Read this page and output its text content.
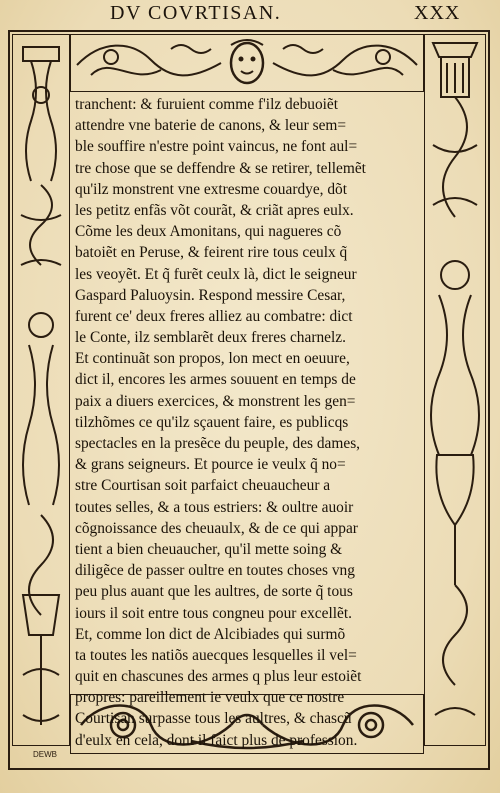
DV COVRTISAN.	XXX
tranchent: & furuient comme f'ilz debuoiẽt
attendre vne baterie de canons, & leur sem=
ble souffire n'estre point vaincus, ne font aul=
tre chose que se deffendre & se retirer, tellemẽt
qu'ilz monstrent vne extresme couardye, dõt
les petitz enfãs võt courãt, & criãt apres eulx.
Cõme les deux Amonitans, qui nagueres cõ
batoiẽt en Peruse, & feirent rire tous ceulx q̃
les veoyẽt. Et q̃ furẽt ceulx là, dict le seigneur
Gaspard Paluoysin. Respond messire Cesar,
furent ce' deux freres alliez au combatre: dict
le Conte, ilz semblarẽt deux freres charnelz.
Et continuãt son propos, lon mect en oeuure,
dict il, encores les armes souuent en temps de
paix a diuers exercices, & monstrent les gen=
tilzhõmes ce qu'ilz sçauent faire, es publicqs
spectacles en la presẽce du peuple, des dames,
& grans seigneurs. Et pource ie veulx q̃ no=
stre Courtisan soit parfaict cheuaucheur a
toutes selles, & a tous estriers: & oultre auoir
cõgnoissance des cheuaulx, & de ce qui appar
tient a bien cheuaucher, qu'il mette soing &
diligẽce de passer oultre en toutes choses vng
peu plus auant que les aultres, de sorte q̃ tous
iours il soit entre tous congneu pour excellẽt.
Et, comme lon dict de Alcibiades qui surmõ
ta toutes les natiõs auecques lesquelles il vel=
quit en chascunes des armes q plus leur estoiẽt
propres: pareillement ie veulx que ce nostre
Courtisan surpasse tous les aultres, & chascũ
d'eulx en cela, dont il faict plus de profession.
DEWB
